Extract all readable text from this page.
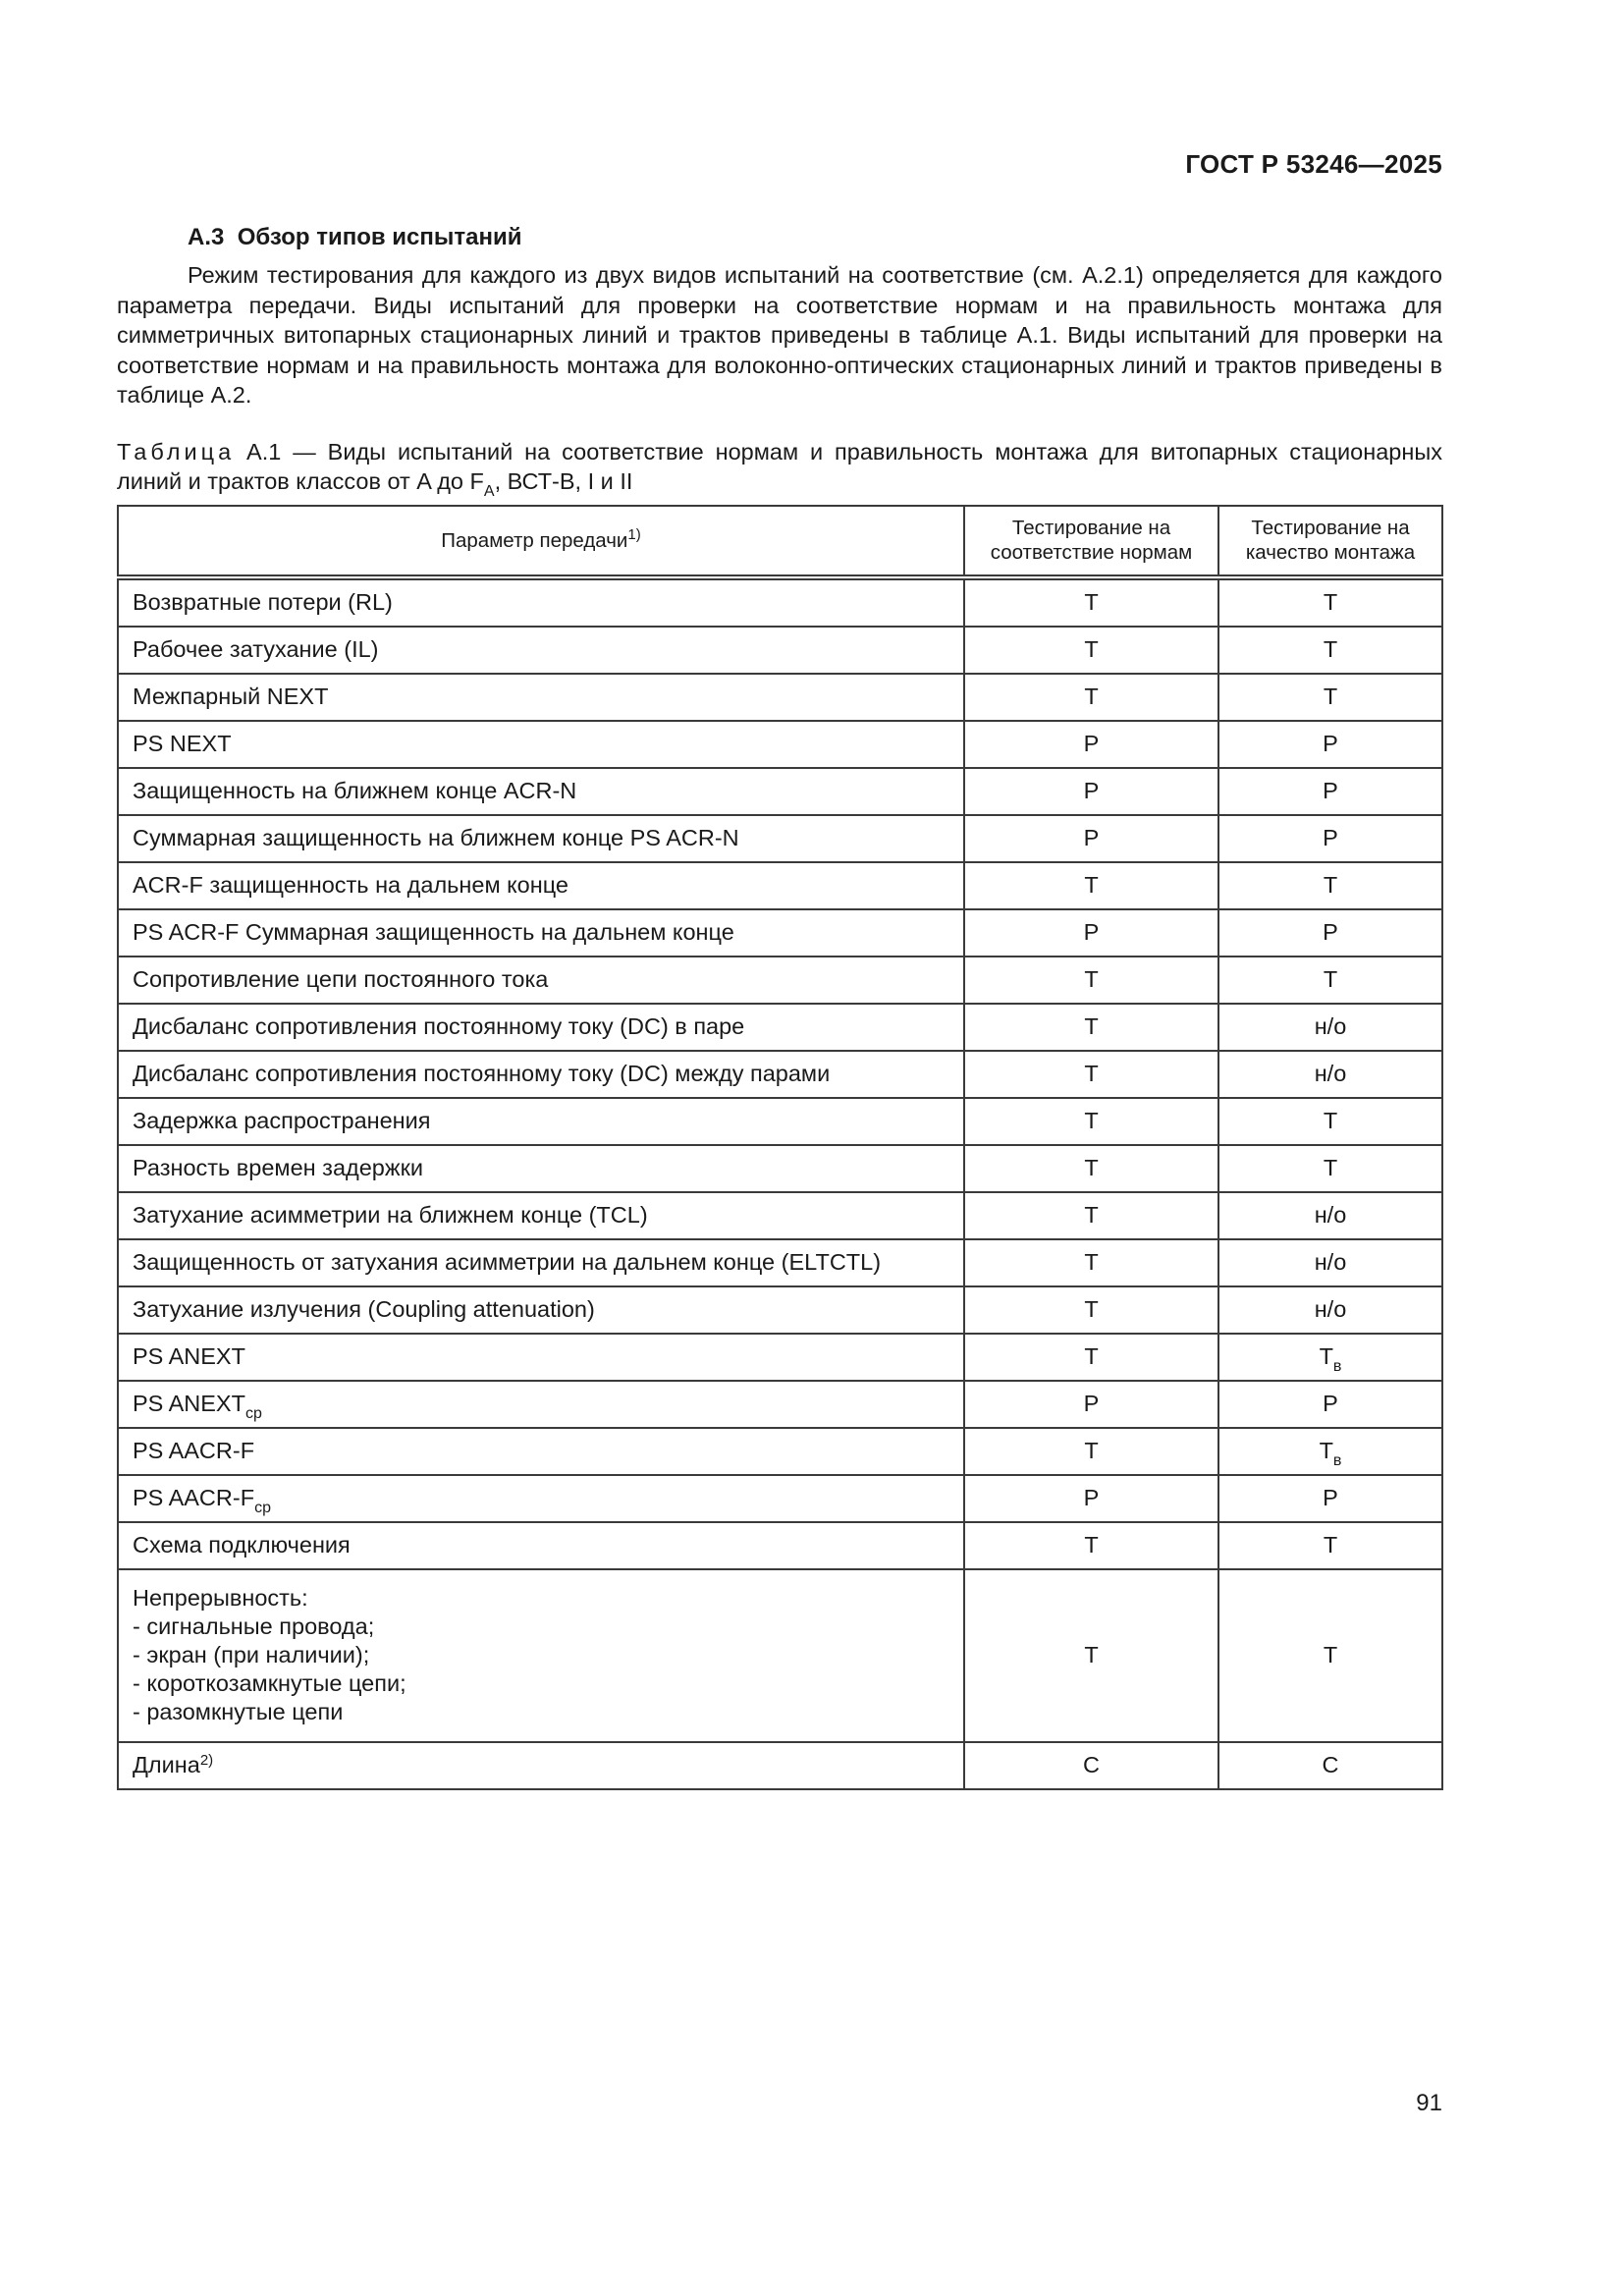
ГОСТ Р 53246—2025
А.3 Обзор типов испытаний

Режим тестирования для каждого из двух видов испытаний на соответствие (см. А.2.1) определяется для каждого параметра передачи. Виды испытаний для проверки на соответствие нормам и на правильность монтажа для симметричных витопарных стационарных линий и трактов приведены в таблице А.1. Виды испытаний для проверки на соответствие нормам и на правильность монтажа для волоконно-оптических стационарных линий и трактов приведены в таблице А.2.

Таблица А.1 — Виды испытаний на соответствие нормам и правильность монтажа для витопарных стационарных линий и трактов классов от A до $F_A$, ВСТ-В, I и II
Параметр передачи$^{1)}$	Тестирование на соответствие нормам	Тестирование на качество монтажа
Возвратные потери (RL)	Т	Т
Рабочее затухание (IL)	Т	Т
Межпарный NEXT	Т	Т
PS NEXT	Р	Р
Защищенность на ближнем конце ACR-N	Р	Р
Суммарная защищенность на ближнем конце PS ACR-N	Р	Р
ACR-F защищенность на дальнем конце	Т	Т
PS ACR-F Суммарная защищенность на дальнем конце	Р	Р
Сопротивление цепи постоянного тока	Т	Т
Дисбаланс сопротивления постоянному току (DC) в паре	Т	н/о
Дисбаланс сопротивления постоянному току (DC) между парами	Т	н/о
Задержка распространения	Т	Т
Разность времен задержки	Т	Т
Затухание асимметрии на ближнем конце (TCL)	Т	н/о
Защищенность от затухания асимметрии на дальнем конце (ELTCTL)	Т	н/о
Затухание излучения (Coupling attenuation)	Т	н/о
PS ANEXT	Т	$Т_в$
PS $ANEXT_{ср}$	Р	Р
PS AACR-F	Т	$Т_в$
PS AACR-$F_{ср}$	Р	Р
Схема подключения	Т	Т

Непрерывность:
- сигнальные провода;
- экран (при наличии);
- короткозамкнутые цепи;
- разомкнутые цепи	Т	Т
Длина$^{2)}$	С	С
91
